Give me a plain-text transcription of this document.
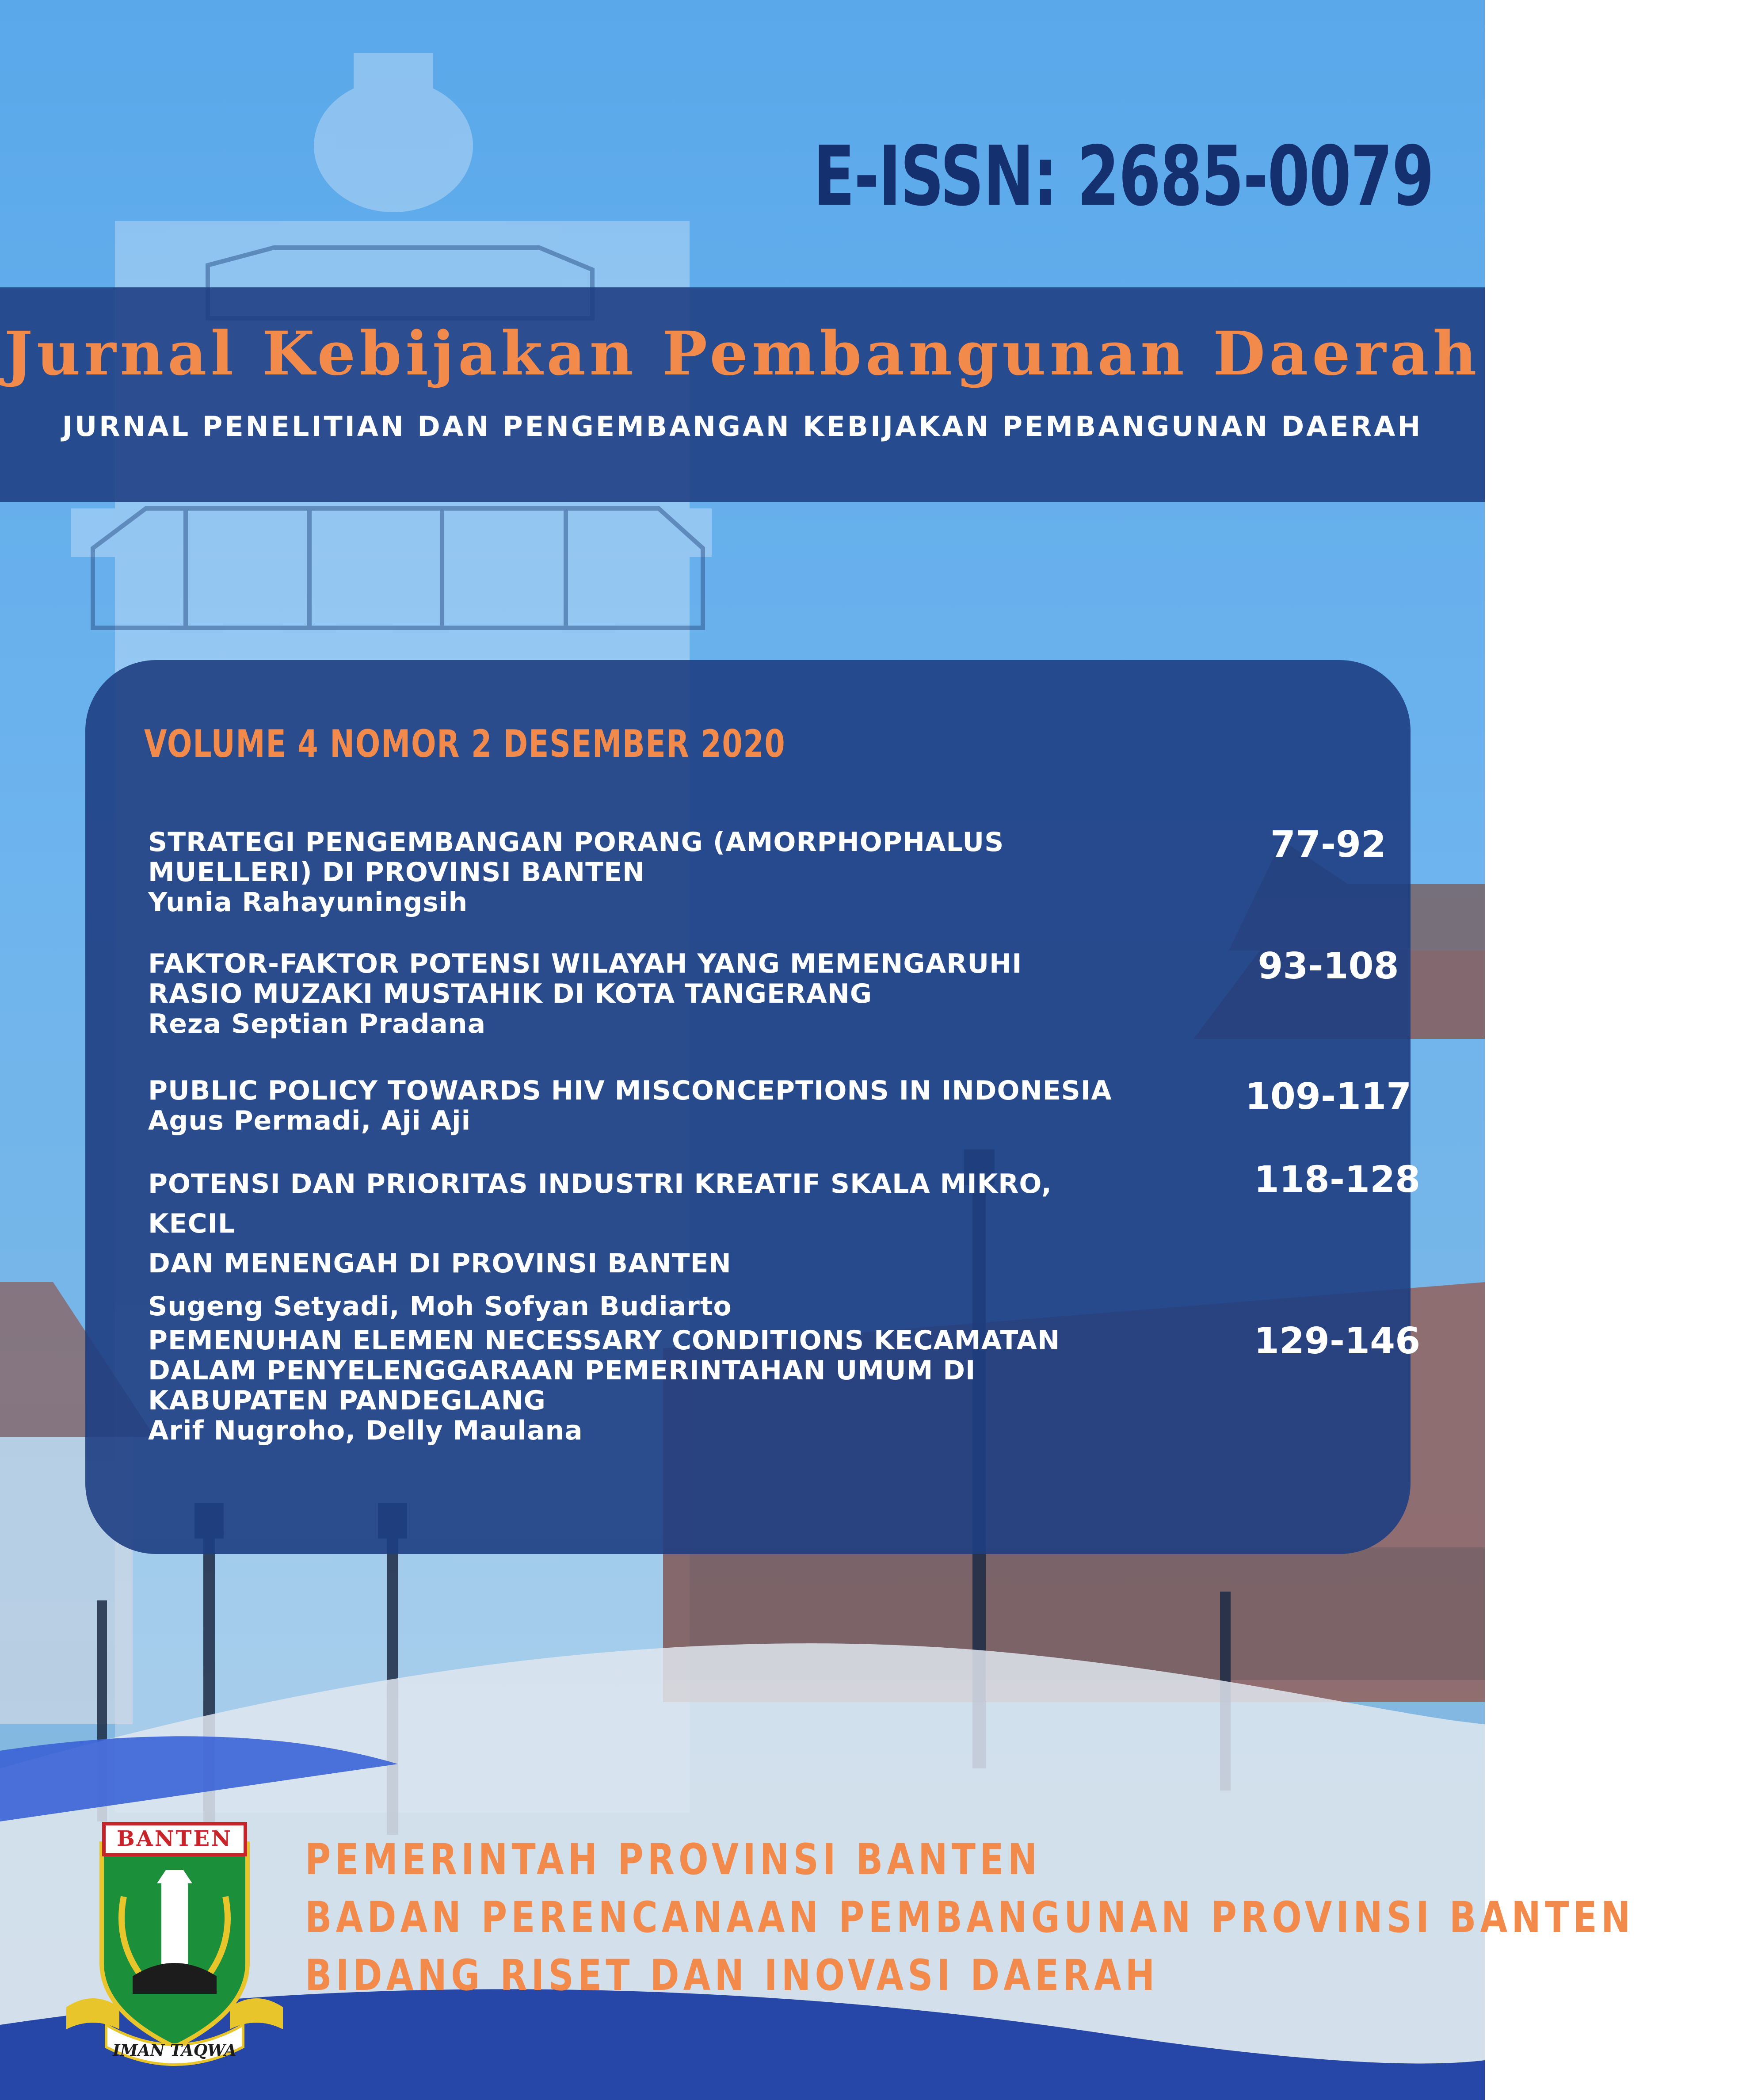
E-ISSN: 2685-0079
Jurnal Kebijakan Pembangunan Daerah
JURNAL PENELITIAN DAN PENGEMBANGAN KEBIJAKAN PEMBANGUNAN DAERAH
VOLUME 4 NOMOR 2 DESEMBER 2020
STRATEGI PENGEMBANGAN PORANG (AMORPHOPHALUS
MUELLERI) DI PROVINSI BANTEN
Yunia Rahayuningsih
77-92
FAKTOR-FAKTOR POTENSI WILAYAH YANG MEMENGARUHI
RASIO MUZAKI MUSTAHIK DI KOTA TANGERANG
Reza Septian Pradana
93-108
PUBLIC POLICY TOWARDS HIV MISCONCEPTIONS IN INDONESIA
Agus Permadi, Aji Aji
109-117
POTENSI DAN PRIORITAS INDUSTRI KREATIF SKALA MIKRO, KECIL
DAN MENENGAH DI PROVINSI BANTEN
Sugeng Setyadi, Moh Sofyan Budiarto
118-128
PEMENUHAN ELEMEN NECESSARY CONDITIONS KECAMATAN
DALAM PENYELENGGARAAN PEMERINTAHAN UMUM DI
KABUPATEN PANDEGLANG
Arif Nugroho, Delly Maulana
129-146
BANTEN
IMAN TAQWA
PEMERINTAH PROVINSI BANTEN
BADAN PERENCANAAN PEMBANGUNAN PROVINSI BANTEN
BIDANG RISET DAN INOVASI DAERAH
